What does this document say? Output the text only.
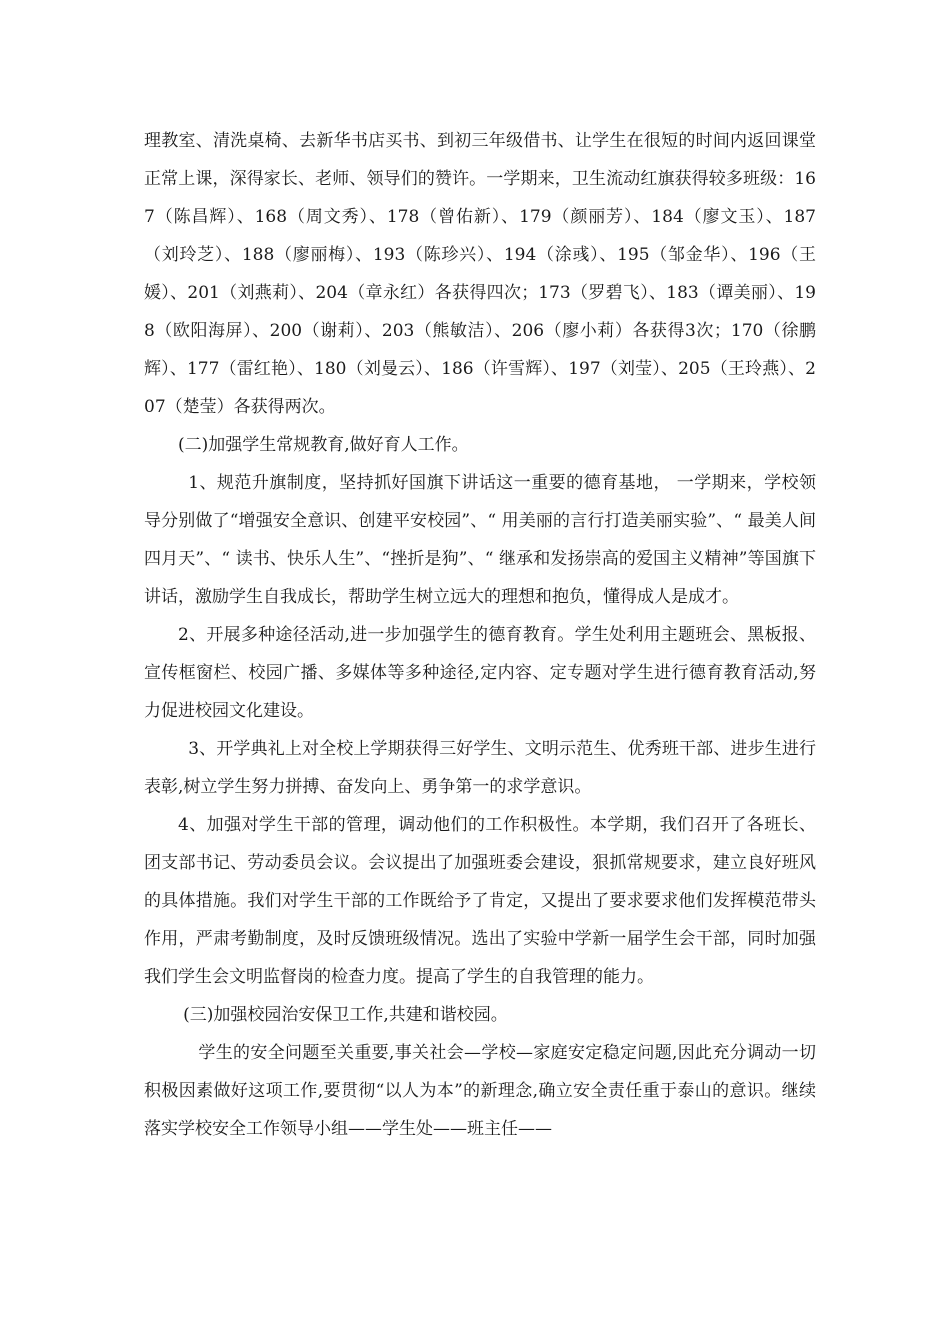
理教室、清洗桌椅、去新华书店买书、到初三年级借书、让学生在很短的时间内返回课堂正常上课，深得家长、老师、领导们的赞许。一学期来，卫生流动红旗获得较多班级：167（陈昌辉）、168（周文秀）、178（曾佑新）、179（颜丽芳）、184（廖文玉）、187（刘玲芝）、188（廖丽梅）、193（陈珍兴）、194（涂彧）、195（邹金华）、196（王媛）、201（刘燕莉）、204（章永红）各获得四次；173（罗碧飞）、183（谭美丽）、198（欧阳海屏）、200（谢莉）、203（熊敏洁）、206（廖小莉）各获得3次；170（徐鹏辉）、177（雷红艳）、180（刘曼云）、186（许雪辉）、197（刘莹）、205（王玲燕）、207（楚莹）各获得两次。

(二)加强学生常规教育,做好育人工作。

1、规范升旗制度，坚持抓好国旗下讲话这一重要的德育基地， 一学期来，学校领导分别做了“增强安全意识、创建平安校园”、“ 用美丽的言行打造美丽实验”、“ 最美人间四月天”、“ 读书、快乐人生”、“挫折是狗”、“ 继承和发扬崇高的爱国主义精神”等国旗下讲话，激励学生自我成长，帮助学生树立远大的理想和抱负，懂得成人是成才。

2、开展多种途径活动,进一步加强学生的德育教育。学生处利用主题班会、黑板报、宣传框窗栏、校园广播、多媒体等多种途径,定内容、定专题对学生进行德育教育活动,努力促进校园文化建设。

3、开学典礼上对全校上学期获得三好学生、文明示范生、优秀班干部、进步生进行表彰,树立学生努力拼搏、奋发向上、勇争第一的求学意识。

4、加强对学生干部的管理，调动他们的工作积极性。本学期，我们召开了各班长、团支部书记、劳动委员会议。会议提出了加强班委会建设，狠抓常规要求，建立良好班风的具体措施。我们对学生干部的工作既给予了肯定，又提出了要求要求他们发挥模范带头作用，严肃考勤制度，及时反馈班级情况。选出了实验中学新一届学生会干部，同时加强我们学生会文明监督岗的检查力度。提高了学生的自我管理的能力。

(三)加强校园治安保卫工作,共建和谐校园。

学生的安全问题至关重要,事关社会—学校—家庭安定稳定问题,因此充分调动一切积极因素做好这项工作,要贯彻“以人为本”的新理念,确立安全责任重于泰山的意识。继续落实学校安全工作领导小组——学生处——班主任——
